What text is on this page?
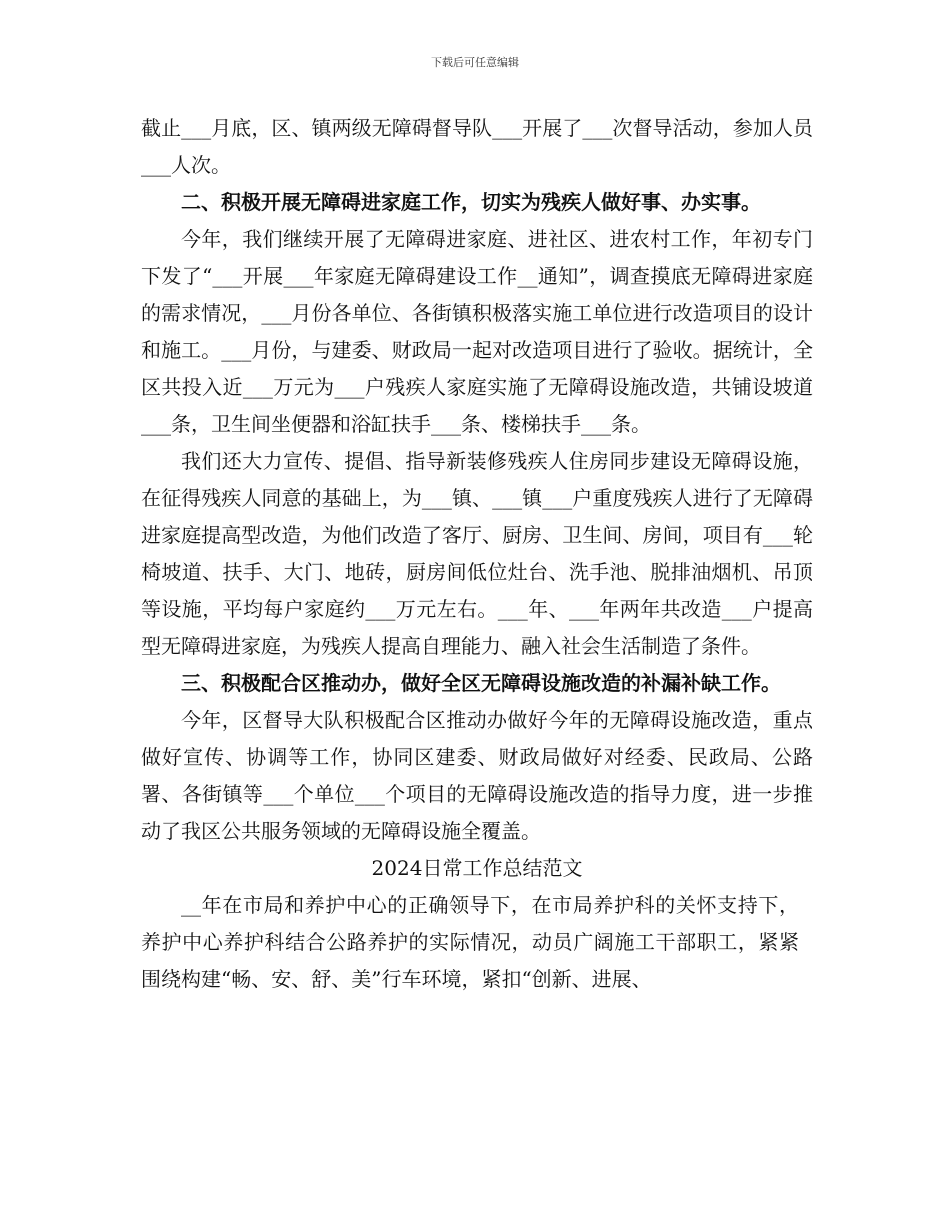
下载后可任意编辑

截止___月底，区、镇两级无障碍督导队___开展了___次督导活动，参加人员___人次。

二、积极开展无障碍进家庭工作，切实为残疾人做好事、办实事。

今年，我们继续开展了无障碍进家庭、进社区、进农村工作，年初专门下发了“___开展___年家庭无障碍建设工作__通知”，调查摸底无障碍进家庭的需求情况，___月份各单位、各街镇积极落实施工单位进行改造项目的设计和施工。___月份，与建委、财政局一起对改造项目进行了验收。据统计，全区共投入近___万元为___户残疾人家庭实施了无障碍设施改造，共铺设坡道___条，卫生间坐便器和浴缸扶手___条、楼梯扶手___条。

我们还大力宣传、提倡、指导新装修残疾人住房同步建设无障碍设施，在征得残疾人同意的基础上，为___镇、___镇___户重度残疾人进行了无障碍进家庭提高型改造，为他们改造了客厅、厨房、卫生间、房间，项目有___轮椅坡道、扶手、大门、地砖，厨房间低位灶台、洗手池、脱排油烟机、吊顶等设施，平均每户家庭约___万元左右。___年、___年两年共改造___户提高型无障碍进家庭，为残疾人提高自理能力、融入社会生活制造了条件。

三、积极配合区推动办，做好全区无障碍设施改造的补漏补缺工作。

今年，区督导大队积极配合区推动办做好今年的无障碍设施改造，重点做好宣传、协调等工作，协同区建委、财政局做好对经委、民政局、公路署、各街镇等___个单位___个项目的无障碍设施改造的指导力度，进一步推动了我区公共服务领域的无障碍设施全覆盖。

2024日常工作总结范文

__年在市局和养护中心的正确领导下，在市局养护科的关怀支持下，养护中心养护科结合公路养护的实际情况，动员广阔施工干部职工，紧紧围绕构建“畅、安、舒、美”行车环境，紧扣“创新、进展、
